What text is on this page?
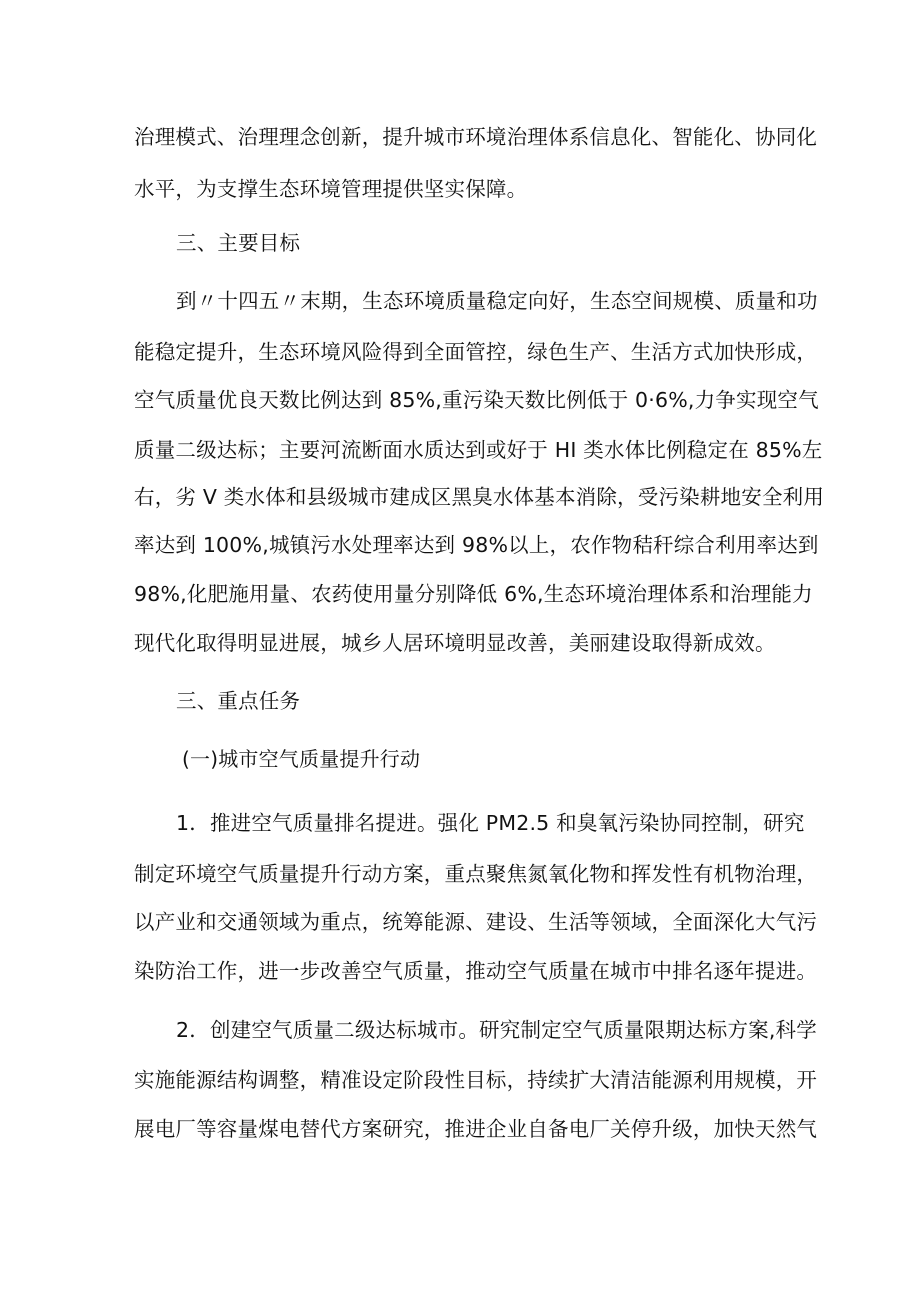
治理模式、治理理念创新，提升城市环境治理体系信息化、智能化、协同化
水平，为支撑生态环境管理提供坚实保障。
三、主要目标
到〃十四五〃末期，生态环境质量稳定向好，生态空间规模、质量和功
能稳定提升，生态环境风险得到全面管控，绿色生产、生活方式加快形成，
空气质量优良天数比例达到 85%,重污染天数比例低于 0·6%,力争实现空气
质量二级达标；主要河流断面水质达到或好于 HI 类水体比例稳定在 85%左
右，劣 V 类水体和县级城市建成区黑臭水体基本消除，受污染耕地安全利用
率达到 100%,城镇污水处理率达到 98%以上，农作物秸秆综合利用率达到
98%,化肥施用量、农药使用量分别降低 6%,生态环境治理体系和治理能力
现代化取得明显进展，城乡人居环境明显改善，美丽建设取得新成效。
三、重点任务
(一)城市空气质量提升行动
1．推进空气质量排名提进。强化 PM2.5 和臭氧污染协同控制，研究
制定环境空气质量提升行动方案，重点聚焦氮氧化物和挥发性有机物治理，
以产业和交通领域为重点，统筹能源、建设、生活等领域，全面深化大气污
染防治工作，进一步改善空气质量，推动空气质量在城市中排名逐年提进。
2．创建空气质量二级达标城市。研究制定空气质量限期达标方案,科学
实施能源结构调整，精准设定阶段性目标，持续扩大清洁能源利用规模，开
展电厂等容量煤电替代方案研究，推进企业自备电厂关停升级，加快天然气
